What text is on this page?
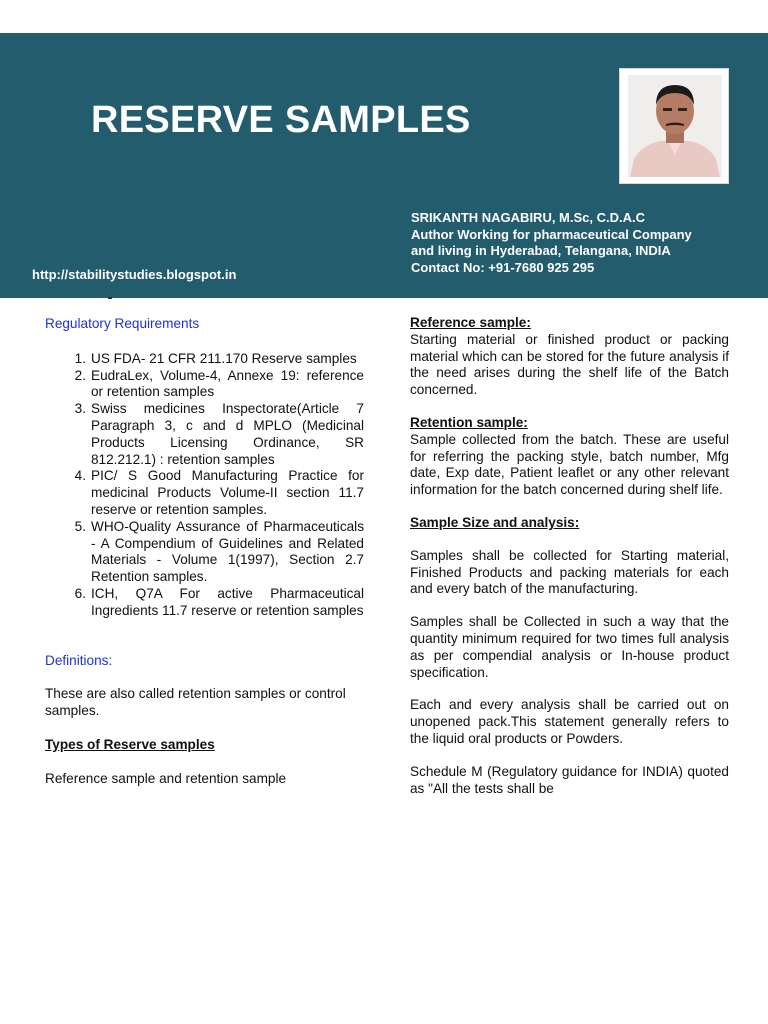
RESERVE SAMPLES
SRIKANTH NAGABIRU, M.Sc, C.D.A.C
Author Working for pharmaceutical Company
and living in Hyderabad, Telangana, INDIA
Contact No: +91-7680 925 295
http://stabilitystudies.blogspot.in
Regulatory Requirements
1. US FDA- 21 CFR 211.170 Reserve samples
2. EudraLex, Volume-4, Annexe 19: reference or retention samples
3. Swiss medicines Inspectorate(Article 7 Paragraph 3, c and d MPLO (Medicinal Products Licensing Ordinance, SR 812.212.1) : retention samples
4. PIC/ S Good Manufacturing Practice for medicinal Products Volume-II section 11.7 reserve or retention samples.
5. WHO-Quality Assurance of Pharmaceuticals - A Compendium of Guidelines and Related Materials - Volume 1(1997), Section 2.7 Retention samples.
6. ICH, Q7A For active Pharmaceutical Ingredients 11.7 reserve or retention samples
Definitions:

These are also called retention samples or control samples.

Types of Reserve samples

Reference sample and retention sample

Reference sample:

Starting material or finished product or packing material which can be stored for the future analysis if the need arises during the shelf life of the Batch concerned.

Retention sample:

Sample collected from the batch. These are useful for referring the packing style, batch number, Mfg date, Exp date, Patient leaflet or any other relevant information for the batch concerned during shelf life.

Sample Size and analysis:

Samples shall be collected for Starting material, Finished Products and packing materials for each and every batch of the manufacturing.

Samples shall be Collected in such a way that the quantity minimum required for two times full analysis as per compendial analysis or In-house product specification.

Each and every analysis shall be carried out on unopened pack.This statement generally refers to the liquid oral products or Powders.

Schedule M (Regulatory guidance for INDIA) quoted as "All the tests shall be
